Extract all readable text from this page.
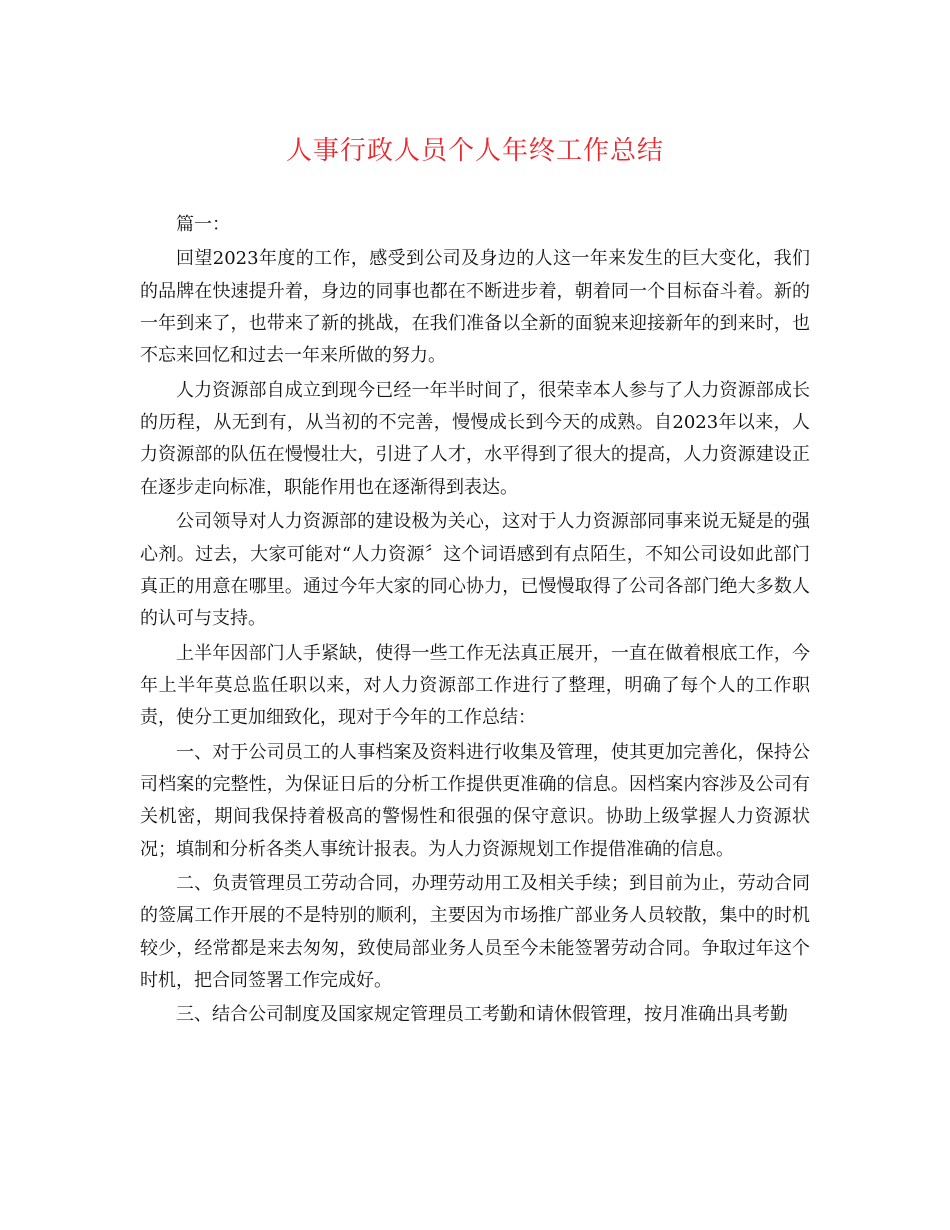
人事行政人员个人年终工作总结

篇一：

回望2023年度的工作，感受到公司及身边的人这一年来发生的巨大变化，我们的品牌在快速提升着，身边的同事也都在不断进步着，朝着同一个目标奋斗着。新的一年到来了，也带来了新的挑战，在我们准备以全新的面貌来迎接新年的到来时，也不忘来回忆和过去一年来所做的努力。

人力资源部自成立到现今已经一年半时间了，很荣幸本人参与了人力资源部成长的历程，从无到有，从当初的不完善，慢慢成长到今天的成熟。自2023年以来，人力资源部的队伍在慢慢壮大，引进了人才，水平得到了很大的提高，人力资源建设正在逐步走向标准，职能作用也在逐渐得到表达。

公司领导对人力资源部的建设极为关心，这对于人力资源部同事来说无疑是的强心剂。过去，大家可能对“人力资源〞这个词语感到有点陌生，不知公司设如此部门真正的用意在哪里。通过今年大家的同心协力，已慢慢取得了公司各部门绝大多数人的认可与支持。

上半年因部门人手紧缺，使得一些工作无法真正展开，一直在做着根底工作，今年上半年莫总监任职以来，对人力资源部工作进行了整理，明确了每个人的工作职责，使分工更加细致化，现对于今年的工作总结：

一、对于公司员工的人事档案及资料进行收集及管理，使其更加完善化，保持公司档案的完整性，为保证日后的分析工作提供更准确的信息。因档案内容涉及公司有关机密，期间我保持着极高的警惕性和很强的保守意识。协助上级掌握人力资源状况；填制和分析各类人事统计报表。为人力资源规划工作提借准确的信息。

二、负责管理员工劳动合同，办理劳动用工及相关手续；到目前为止，劳动合同的签属工作开展的不是特别的顺利，主要因为市场推广部业务人员较散，集中的时机较少，经常都是来去匆匆，致使局部业务人员至今未能签署劳动合同。争取过年这个时机，把合同签署工作完成好。

三、结合公司制度及国家规定管理员工考勤和请休假管理，按月准确出具考勤
